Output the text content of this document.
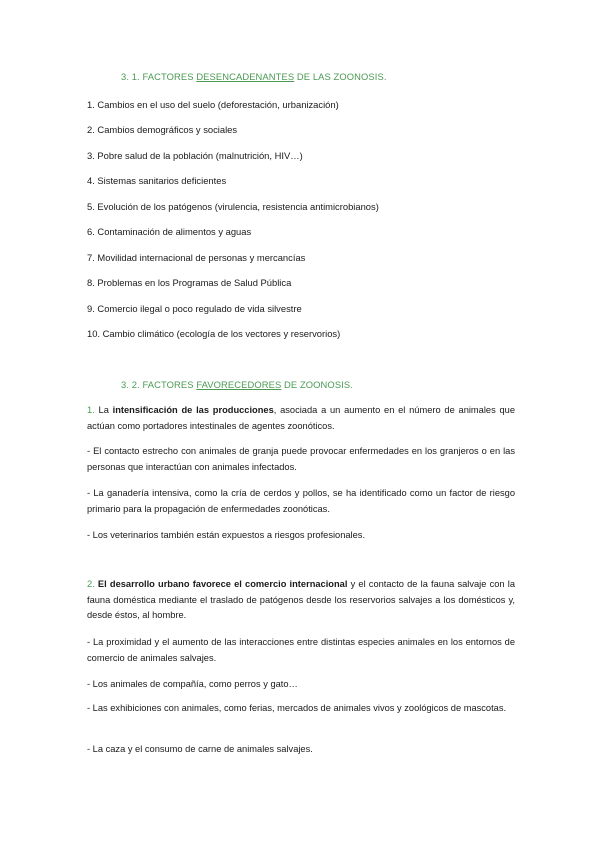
3. 1. FACTORES DESENCADENANTES DE LAS ZOONOSIS.
1. Cambios en el uso del suelo (deforestación, urbanización)
2. Cambios demográficos y sociales
3. Pobre salud de la población (malnutrición, HIV…)
4. Sistemas sanitarios deficientes
5. Evolución de los patógenos (virulencia, resistencia antimicrobianos)
6. Contaminación de alimentos y aguas
7. Movilidad internacional de personas y mercancías
8. Problemas en los Programas de Salud Pública
9. Comercio ilegal o poco regulado de vida silvestre
10. Cambio climático (ecología de los vectores y reservorios)
3. 2. FACTORES FAVORECEDORES DE ZOONOSIS.
1. La intensificación de las producciones, asociada a un aumento en el número de animales que actúan como portadores intestinales de agentes zoonóticos.
- El contacto estrecho con animales de granja puede provocar enfermedades en los granjeros o en las personas que interactúan con animales infectados.
- La ganadería intensiva, como la cría de cerdos y pollos, se ha identificado como un factor de riesgo primario para la propagación de enfermedades zoonóticas.
- Los veterinarios también están expuestos a riesgos profesionales.
2. El desarrollo urbano favorece el comercio internacional y el contacto de la fauna salvaje con la fauna doméstica mediante el traslado de patógenos desde los reservorios salvajes a los domésticos y, desde éstos, al hombre.
- La proximidad y el aumento de las interacciones entre distintas especies animales en los entornos de comercio de animales salvajes.
- Los animales de compañía, como perros y gato…
- Las exhibiciones con animales, como ferias, mercados de animales vivos y zoológicos de mascotas.
- La caza y el consumo de carne de animales salvajes.
